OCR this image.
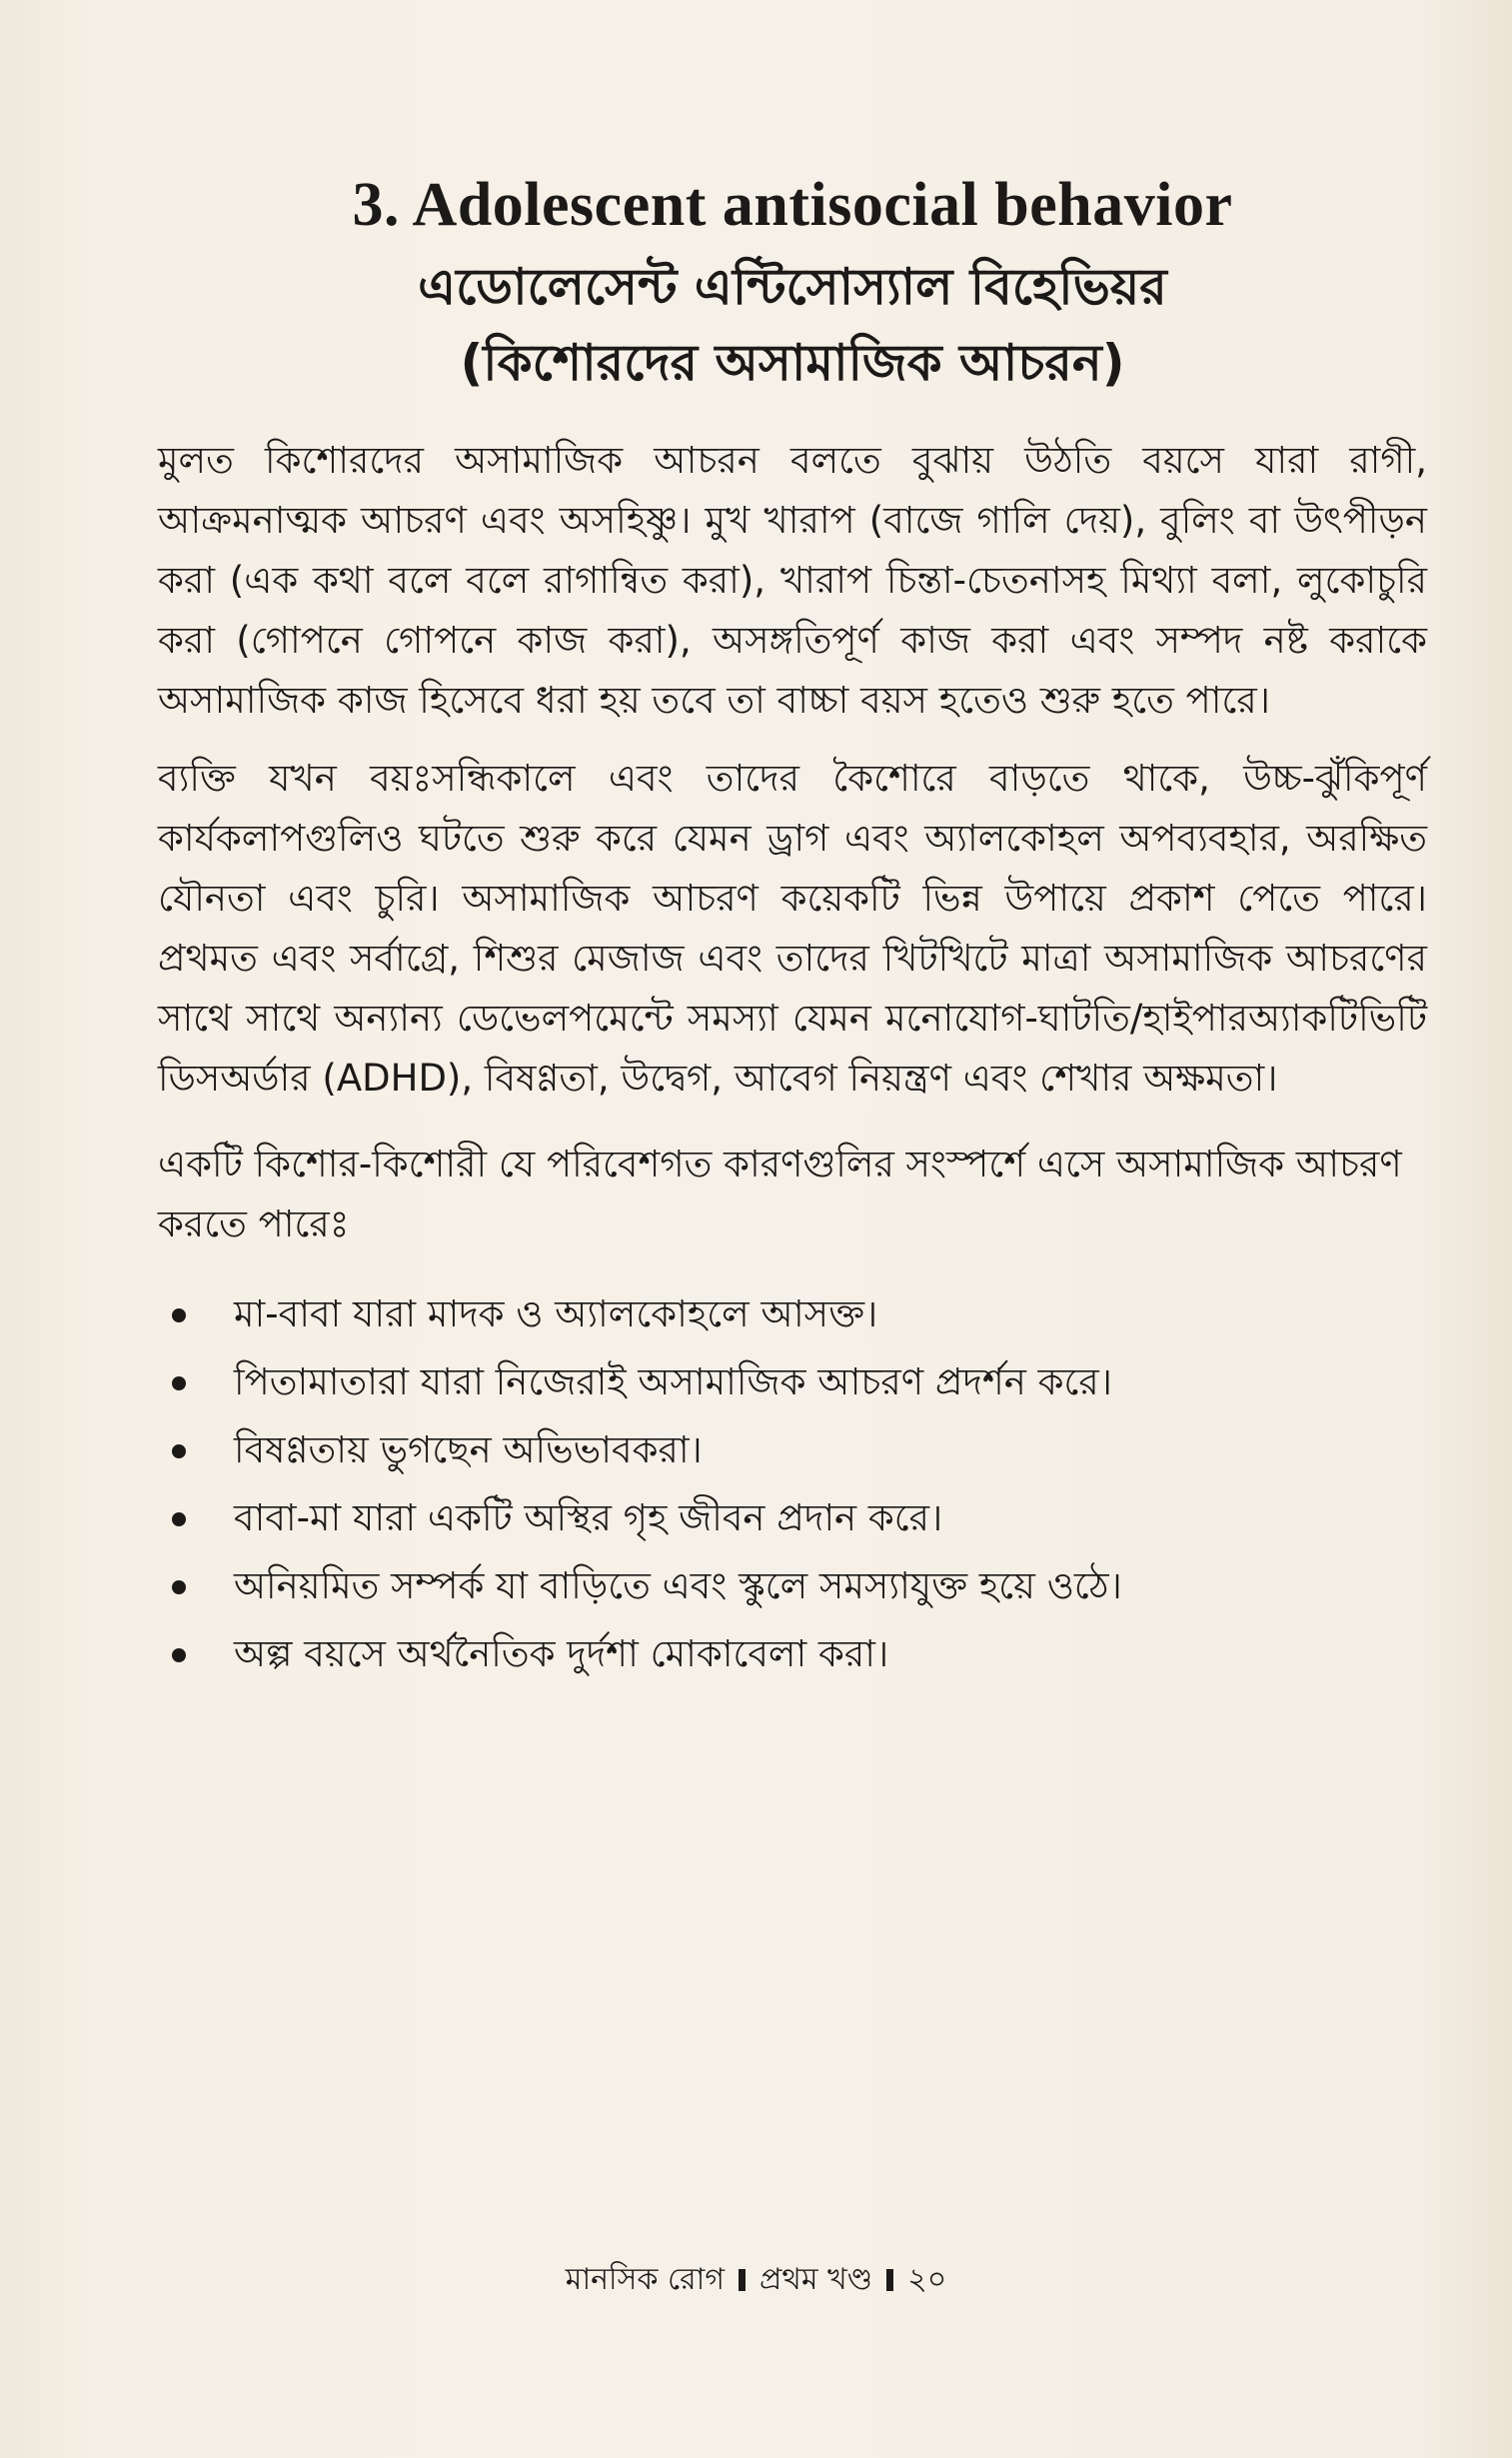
3. Adolescent antisocial behavior
এডোলেসেন্ট এন্টিসোস্যাল বিহেভিয়র
(কিশোরদের অসামাজিক আচরন)

মুলত কিশোরদের অসামাজিক আচরন বলতে বুঝায় উঠতি বয়সে যারা রাগী, আক্রমনাত্মক আচরণ এবং অসহিষ্ণু। মুখ খারাপ (বাজে গালি দেয়), বুলিং বা উৎপীড়ন করা (এক কথা বলে বলে রাগান্বিত করা), খারাপ চিন্তা-চেতনাসহ মিথ্যা বলা, লুকোচুরি করা (গোপনে গোপনে কাজ করা), অসঙ্গতিপূর্ণ কাজ করা এবং সম্পদ নষ্ট করাকে অসামাজিক কাজ হিসেবে ধরা হয় তবে তা বাচ্চা বয়স হতেও শুরু হতে পারে।

ব্যক্তি যখন বয়ঃসন্ধিকালে এবং তাদের কৈশোরে বাড়তে থাকে, উচ্চ-ঝুঁকিপূর্ণ কার্যকলাপগুলিও ঘটতে শুরু করে যেমন ড্রাগ এবং অ্যালকোহল অপব্যবহার, অরক্ষিত যৌনতা এবং চুরি। অসামাজিক আচরণ কয়েকটি ভিন্ন উপায়ে প্রকাশ পেতে পারে। প্রথমত এবং সর্বাগ্রে, শিশুর মেজাজ এবং তাদের খিটখিটে মাত্রা অসামাজিক আচরণের সাথে সাথে অন্যান্য ডেভেলপমেন্টে সমস্যা যেমন মনোযোগ-ঘাটতি/হাইপারঅ্যাকটিভিটি ডিসঅর্ডার (ADHD), বিষণ্ণতা, উদ্বেগ, আবেগ নিয়ন্ত্রণ এবং শেখার অক্ষমতা।

একটি কিশোর-কিশোরী যে পরিবেশগত কারণগুলির সংস্পর্শে এসে অসামাজিক আচরণ করতে পারেঃ

মা-বাবা যারা মাদক ও অ্যালকোহলে আসক্ত।
পিতামাতারা যারা নিজেরাই অসামাজিক আচরণ প্রদর্শন করে।
বিষণ্ণতায় ভুগছেন অভিভাবকরা।
বাবা-মা যারা একটি অস্থির গৃহ জীবন প্রদান করে।
অনিয়মিত সম্পর্ক যা বাড়িতে এবং স্কুলে সমস্যাযুক্ত হয়ে ওঠে।
অল্প বয়সে অর্থনৈতিক দুর্দশা মোকাবেলা করা।
মানসিক রোগ প্রথম খণ্ড ২০
